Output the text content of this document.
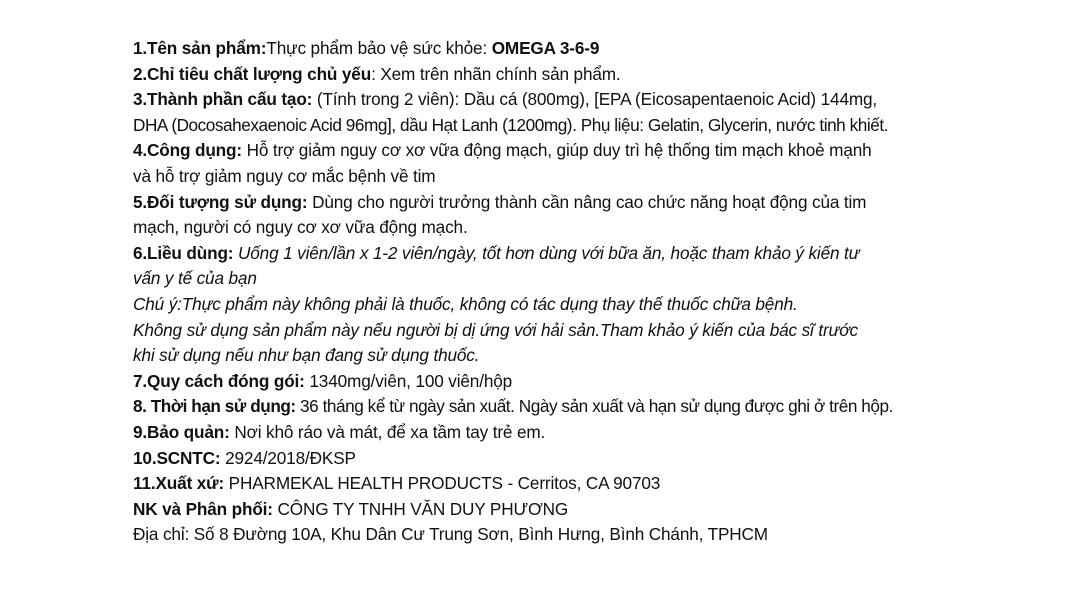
1.Tên sản phẩm:Thực phẩm bảo vệ sức khỏe: OMEGA 3-6-9
2.Chỉ tiêu chất lượng chủ yếu: Xem trên nhãn chính sản phẩm.
3.Thành phần cấu tạo: (Tính trong 2 viên): Dầu cá (800mg), [EPA (Eicosapentaenoic Acid) 144mg,
DHA (Docosahexaenoic Acid 96mg], dầu Hạt Lanh (1200mg). Phụ liệu: Gelatin, Glycerin, nước tinh khiết.
4.Công dụng: Hỗ trợ giảm nguy cơ xơ vữa động mạch, giúp duy trì hệ thống tim mạch khoẻ mạnh
và hỗ trợ giảm nguy cơ mắc bệnh về tim
5.Đối tượng sử dụng: Dùng cho người trưởng thành cần nâng cao chức năng hoạt động của tim
mạch, người có nguy cơ xơ vữa động mạch.
6.Liều dùng: Uống 1 viên/lần x 1-2 viên/ngày, tốt hơn dùng với bữa ăn, hoặc tham khảo ý kiến tư
vấn y tế của bạn
Chú ý:Thực phẩm này không phải là thuốc, không có tác dụng thay thế thuốc chữa bệnh.
Không sử dụng sản phẩm này nếu người bị dị ứng với hải sản.Tham khảo ý kiến của bác sĩ trước
khi sử dụng nếu như bạn đang sử dụng thuốc.
7.Quy cách đóng gói: 1340mg/viên, 100 viên/hộp
8. Thời hạn sử dụng: 36 tháng kể từ ngày sản xuất. Ngày sản xuất và hạn sử dụng được ghi ở trên hộp.
9.Bảo quản: Nơi khô ráo và mát, để xa tầm tay trẻ em.
10.SCNTC: 2924/2018/ĐKSP
11.Xuất xứ: PHARMEKAL HEALTH PRODUCTS - Cerritos, CA 90703
NK và Phân phối: CÔNG TY TNHH VĂN DUY PHƯƠNG
Địa chỉ: Số 8 Đường 10A, Khu Dân Cư Trung Sơn, Bình Hưng, Bình Chánh, TPHCM
